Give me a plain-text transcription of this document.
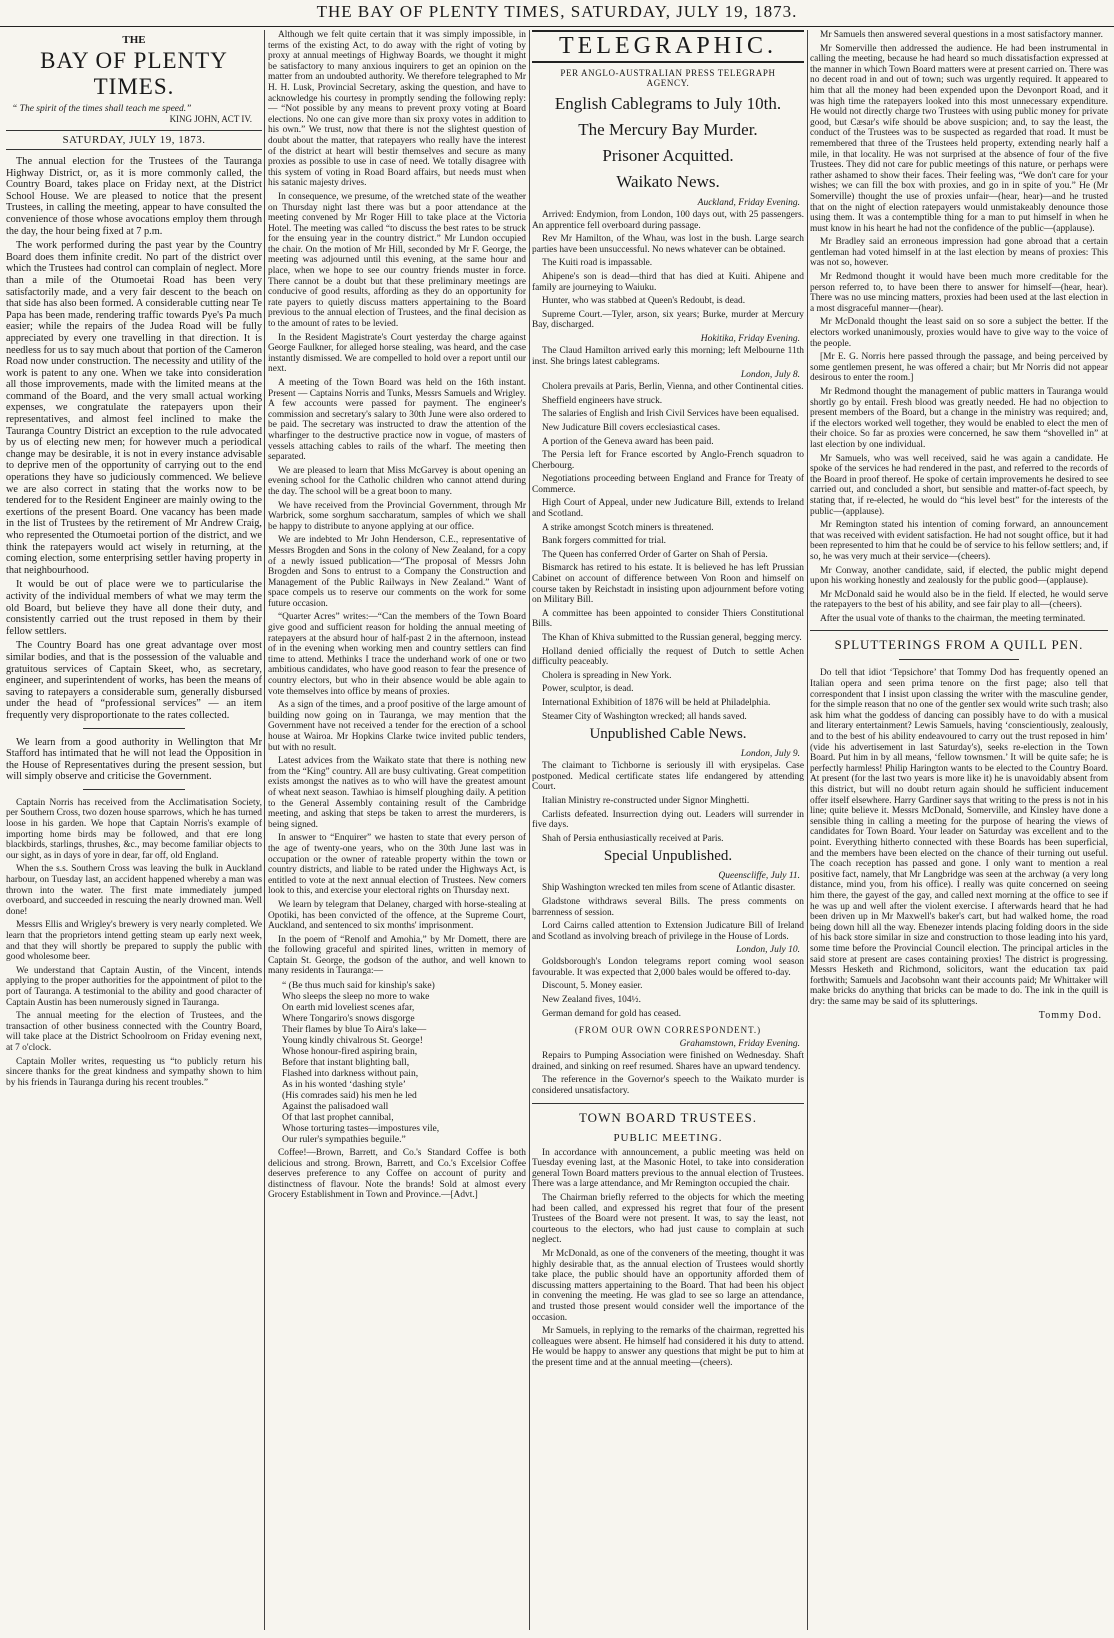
THE BAY OF PLENTY TIMES, SATURDAY, JULY 19, 1873.
THE
BAY OF PLENTY TIMES.
“ The spirit of the times shall teach me speed.”
KING JOHN, ACT IV.
SATURDAY, JULY 19, 1873.

The annual election for the Trustees of the Tauranga Highway District, or, as it is more commonly called, the Country Board, takes place on Friday next, at the District School House. We are pleased to notice that the present Trustees, in calling the meeting, appear to have consulted the convenience of those whose avocations employ them through the day, the hour being fixed at 7 p.m.

The work performed during the past year by the Country Board does them infinite credit. No part of the district over which the Trustees had control can complain of neglect. More than a mile of the Otumoetai Road has been very satisfactorily made, and a very fair descent to the beach on that side has also been formed. A considerable cutting near Te Papa has been made, rendering traffic towards Pye's Pa much easier; while the repairs of the Judea Road will be fully appreciated by every one travelling in that direction. It is needless for us to say much about that portion of the Cameron Road now under construction. The necessity and utility of the work is patent to any one. When we take into consideration all those improvements, made with the limited means at the command of the Board, and the very small actual working expenses, we congratulate the ratepayers upon their representatives, and almost feel inclined to make the Tauranga Country District an exception to the rule advocated by us of electing new men; for however much a periodical change may be desirable, it is not in every instance advisable to deprive men of the opportunity of carrying out to the end operations they have so judiciously commenced. We believe we are also correct in stating that the works now to be tendered for to the Resident Engineer are mainly owing to the exertions of the present Board. One vacancy has been made in the list of Trustees by the retirement of Mr Andrew Craig, who represented the Otumoetai portion of the district, and we think the ratepayers would act wisely in returning, at the coming election, some enterprising settler having property in that neighbourhood.

It would be out of place were we to particularise the activity of the individual members of what we may term the old Board, but believe they have all done their duty, and consistently carried out the trust reposed in them by their fellow settlers.

The Country Board has one great advantage over most similar bodies, and that is the possession of the valuable and gratuitous services of Captain Skeet, who, as secretary, engineer, and superintendent of works, has been the means of saving to ratepayers a considerable sum, generally disbursed under the head of “professional services” — an item frequently very disproportionate to the rates collected.

We learn from a good authority in Wellington that Mr Stafford has intimated that he will not lead the Opposition in the House of Representatives during the present session, but will simply observe and criticise the Government.

Captain Norris has received from the Acclimatisation Society, per Southern Cross, two dozen house sparrows, which he has turned loose in his garden. We hope that Captain Norris's example of importing home birds may be followed, and that ere long blackbirds, starlings, thrushes, &c., may become familiar objects to our sight, as in days of yore in dear, far off, old England.

When the s.s. Southern Cross was leaving the bulk in Auckland harbour, on Tuesday last, an accident happened whereby a man was thrown into the water. The first mate immediately jumped overboard, and succeeded in rescuing the nearly drowned man. Well done!

Messrs Ellis and Wrigley's brewery is very nearly completed. We learn that the proprietors intend getting steam up early next week, and that they will shortly be prepared to supply the public with good wholesome beer.

We understand that Captain Austin, of the Vincent, intends applying to the proper authorities for the appointment of pilot to the port of Tauranga. A testimonial to the ability and good character of Captain Austin has been numerously signed in Tauranga.

The annual meeting for the election of Trustees, and the transaction of other business connected with the Country Board, will take place at the District Schoolroom on Friday evening next, at 7 o'clock.

Captain Moller writes, requesting us “to publicly return his sincere thanks for the great kindness and sympathy shown to him by his friends in Tauranga during his recent troubles.”

Although we felt quite certain that it was simply impossible, in terms of the existing Act, to do away with the right of voting by proxy at annual meetings of Highway Boards, we thought it might be satisfactory to many anxious inquirers to get an opinion on the matter from an undoubted authority. We therefore telegraphed to Mr H. H. Lusk, Provincial Secretary, asking the question, and have to acknowledge his courtesy in promptly sending the following reply:— “Not possible by any means to prevent proxy voting at Board elections. No one can give more than six proxy votes in addition to his own.” We trust, now that there is not the slightest question of doubt about the matter, that ratepayers who really have the interest of the district at heart will bestir themselves and secure as many proxies as possible to use in case of need. We totally disagree with this system of voting in Road Board affairs, but needs must when his satanic majesty drives.

In consequence, we presume, of the wretched state of the weather on Thursday night last there was but a poor attendance at the meeting convened by Mr Roger Hill to take place at the Victoria Hotel. The meeting was called “to discuss the best rates to be struck for the ensuing year in the country district.” Mr Lundon occupied the chair. On the motion of Mr Hill, seconded by Mr F. George, the meeting was adjourned until this evening, at the same hour and place, when we hope to see our country friends muster in force. There cannot be a doubt but that these preliminary meetings are conducive of good results, affording as they do an opportunity for rate payers to quietly discuss matters appertaining to the Board previous to the annual election of Trustees, and the final decision as to the amount of rates to be levied.

In the Resident Magistrate's Court yesterday the charge against George Faulkner, for alleged horse stealing, was heard, and the case instantly dismissed. We are compelled to hold over a report until our next.

A meeting of the Town Board was held on the 16th instant. Present — Captains Norris and Tunks, Messrs Samuels and Wrigley. A few accounts were passed for payment. The engineer's commission and secretary's salary to 30th June were also ordered to be paid. The secretary was instructed to draw the attention of the wharfinger to the destructive practice now in vogue, of masters of vessels attaching cables to rails of the wharf. The meeting then separated.

We are pleased to learn that Miss McGarvey is about opening an evening school for the Catholic children who cannot attend during the day. The school will be a great boon to many.

We have received from the Provincial Government, through Mr Warbrick, some sorghum saccharatum, samples of which we shall be happy to distribute to anyone applying at our office.

We are indebted to Mr John Henderson, C.E., representative of Messrs Brogden and Sons in the colony of New Zealand, for a copy of a newly issued publication—“The proposal of Messrs John Brogden and Sons to entrust to a Company the Construction and Management of the Public Railways in New Zealand.” Want of space compels us to reserve our comments on the work for some future occasion.

“Quarter Acres” writes:—“Can the members of the Town Board give good and sufficient reason for holding the annual meeting of ratepayers at the absurd hour of half-past 2 in the afternoon, instead of in the evening when working men and country settlers can find time to attend. Methinks I trace the underhand work of one or two ambitious candidates, who have good reason to fear the presence of country electors, but who in their absence would be able again to vote themselves into office by means of proxies.

As a sign of the times, and a proof positive of the large amount of building now going on in Tauranga, we may mention that the Government have not received a tender for the erection of a school house at Wairoa. Mr Hopkins Clarke twice invited public tenders, but with no result.

Latest advices from the Waikato state that there is nothing new from the “King” country. All are busy cultivating. Great competition exists amongst the natives as to who will have the greatest amount of wheat next season. Tawhiao is himself ploughing daily. A petition to the General Assembly containing result of the Cambridge meeting, and asking that steps be taken to arrest the murderers, is being signed.

In answer to “Enquirer” we hasten to state that every person of the age of twenty-one years, who on the 30th June last was in occupation or the owner of rateable property within the town or country districts, and liable to be rated under the Highways Act, is entitled to vote at the next annual election of Trustees. New comers look to this, and exercise your electoral rights on Thursday next.

We learn by telegram that Delaney, charged with horse-stealing at Opotiki, has been convicted of the offence, at the Supreme Court, Auckland, and sentenced to six months' imprisonment.

In the poem of “Renolf and Amohia,” by Mr Domett, there are the following graceful and spirited lines, written in memory of Captain St. George, the godson of the author, and well known to many residents in Tauranga:—

“ (Be thus much said for kinship's sake)
Who sleeps the sleep no more to wake
On earth mid loveliest scenes afar,
Where Tongariro's snows disgorge
Their flames by blue To Aira's lake—
Young kindly chivalrous St. George!
Whose honour-fired aspiring brain,
Before that instant blighting ball,
Flashed into darkness without pain,
As in his wonted ‘dashing style’
(His comrades said) his men he led
Against the palisadoed wall
Of that last prophet cannibal,
Whose torturing tastes—impostures vile,
Our ruler's sympathies beguile.”

Coffee!—Brown, Barrett, and Co.'s Standard Coffee is both delicious and strong. Brown, Barrett, and Co.'s Excelsior Coffee deserves preference to any Coffee on account of purity and distinctness of flavour. Note the brands! Sold at almost every Grocery Establishment in Town and Province.—[Advt.]

TELEGRAPHIC.
PER ANGLO-AUSTRALIAN PRESS TELEGRAPH AGENCY.
English Cablegrams to July 10th.
The Mercury Bay Murder.
Prisoner Acquitted.
Waikato News.
Auckland, Friday Evening.

Arrived: Endymion, from London, 100 days out, with 25 passengers. An apprentice fell overboard during passage.

Rev Mr Hamilton, of the Whau, was lost in the bush. Large search parties have been unsuccessful. No news whatever can be obtained.

The Kuiti road is impassable.

Ahipene's son is dead—third that has died at Kuiti. Ahipene and family are journeying to Waiuku.

Hunter, who was stabbed at Queen's Redoubt, is dead.

Supreme Court.—Tyler, arson, six years; Burke, murder at Mercury Bay, discharged.

Hokitika, Friday Evening.

The Claud Hamilton arrived early this morning; left Melbourne 11th inst. She brings latest cablegrams.

London, July 8.

Cholera prevails at Paris, Berlin, Vienna, and other Continental cities.

Sheffield engineers have struck.

The salaries of English and Irish Civil Services have been equalised.

New Judicature Bill covers ecclesiastical cases.

A portion of the Geneva award has been paid.

The Persia left for France escorted by Anglo-French squadron to Cherbourg.

Negotiations proceeding between England and France for Treaty of Commerce.

High Court of Appeal, under new Judicature Bill, extends to Ireland and Scotland.

A strike amongst Scotch miners is threatened.

Bank forgers committed for trial.

The Queen has conferred Order of Garter on Shah of Persia.

Bismarck has retired to his estate. It is believed he has left Prussian Cabinet on account of difference between Von Roon and himself on course taken by Reichstadt in insisting upon adjournment before voting on Military Bill.

A committee has been appointed to consider Thiers Constitutional Bills.

The Khan of Khiva submitted to the Russian general, begging mercy.

Holland denied officially the request of Dutch to settle Achen difficulty peaceably.

Cholera is spreading in New York.

Power, sculptor, is dead.

International Exhibition of 1876 will be held at Philadelphia.

Steamer City of Washington wrecked; all hands saved.

Unpublished Cable News.
London, July 9.

The claimant to Tichborne is seriously ill with erysipelas. Case postponed. Medical certificate states life endangered by attending Court.

Italian Ministry re-constructed under Signor Minghetti.

Carlists defeated. Insurrection dying out. Leaders will surrender in five days.

Shah of Persia enthusiastically received at Paris.

Special Unpublished.
Queenscliffe, July 11.

Ship Washington wrecked ten miles from scene of Atlantic disaster.

Gladstone withdraws several Bills. The press comments on barrenness of session.

Lord Cairns called attention to Extension Judicature Bill of Ireland and Scotland as involving breach of privilege in the House of Lords.

London, July 10.

Goldsborough's London telegrams report coming wool season favourable. It was expected that 2,000 bales would be offered to-day.

Discount, 5. Money easier.

New Zealand fives, 104½.

German demand for gold has ceased.

(FROM OUR OWN CORRESPONDENT.)
Grahamstown, Friday Evening.

Repairs to Pumping Association were finished on Wednesday. Shaft drained, and sinking on reef resumed. Shares have an upward tendency.

The reference in the Governor's speech to the Waikato murder is considered unsatisfactory.

TOWN BOARD TRUSTEES.
PUBLIC MEETING.

In accordance with announcement, a public meeting was held on Tuesday evening last, at the Masonic Hotel, to take into consideration general Town Board matters previous to the annual election of Trustees. There was a large attendance, and Mr Remington occupied the chair.

The Chairman briefly referred to the objects for which the meeting had been called, and expressed his regret that four of the present Trustees of the Board were not present. It was, to say the least, not courteous to the electors, who had just cause to complain at such neglect.

Mr McDonald, as one of the conveners of the meeting, thought it was highly desirable that, as the annual election of Trustees would shortly take place, the public should have an opportunity afforded them of discussing matters appertaining to the Board. That had been his object in convening the meeting. He was glad to see so large an attendance, and trusted those present would consider well the importance of the occasion.

Mr Samuels, in replying to the remarks of the chairman, regretted his colleagues were absent. He himself had considered it his duty to attend. He would be happy to answer any questions that might be put to him at the present time and at the annual meeting—(cheers).

Mr Samuels then answered several questions in a most satisfactory manner.

Mr Somerville then addressed the audience. He had been instrumental in calling the meeting, because he had heard so much dissatisfaction expressed at the manner in which Town Board matters were at present carried on. There was no decent road in and out of town; such was urgently required. It appeared to him that all the money had been expended upon the Devonport Road, and it was high time the ratepayers looked into this most unnecessary expenditure. He would not directly charge two Trustees with using public money for private good, but Cæsar's wife should be above suspicion; and, to say the least, the conduct of the Trustees was to be suspected as regarded that road. It must be remembered that three of the Trustees held property, extending nearly half a mile, in that locality. He was not surprised at the absence of four of the five Trustees. They did not care for public meetings of this nature, or perhaps were rather ashamed to show their faces. Their feeling was, “We don't care for your wishes; we can fill the box with proxies, and go in in spite of you.” He (Mr Somerville) thought the use of proxies unfair—(hear, hear)—and he trusted that on the night of election ratepayers would unmistakeably denounce those using them. It was a contemptible thing for a man to put himself in when he must know in his heart he had not the confidence of the public—(applause).

Mr Bradley said an erroneous impression had gone abroad that a certain gentleman had voted himself in at the last election by means of proxies: This was not so, however.

Mr Redmond thought it would have been much more creditable for the person referred to, to have been there to answer for himself—(hear, hear). There was no use mincing matters, proxies had been used at the last election in a most disgraceful manner—(hear).

Mr McDonald thought the least said on so sore a subject the better. If the electors worked unanimously, proxies would have to give way to the voice of the people.

[Mr E. G. Norris here passed through the passage, and being perceived by some gentlemen present, he was offered a chair; but Mr Norris did not appear desirous to enter the room.]

Mr Redmond thought the management of public matters in Tauranga would shortly go by entail. Fresh blood was greatly needed. He had no objection to present members of the Board, but a change in the ministry was required; and, if the electors worked well together, they would be enabled to elect the men of their choice. So far as proxies were concerned, he saw them “shovelled in” at last election by one individual.

Mr Samuels, who was well received, said he was again a candidate. He spoke of the services he had rendered in the past, and referred to the records of the Board in proof thereof. He spoke of certain improvements he desired to see carried out, and concluded a short, but sensible and matter-of-fact speech, by stating that, if re-elected, he would do “his level best” for the interests of the public—(applause).

Mr Remington stated his intention of coming forward, an announcement that was received with evident satisfaction. He had not sought office, but it had been represented to him that he could be of service to his fellow settlers; and, if so, he was very much at their service—(cheers).

Mr Conway, another candidate, said, if elected, the public might depend upon his working honestly and zealously for the public good—(applause).

Mr McDonald said he would also be in the field. If elected, he would serve the ratepayers to the best of his ability, and see fair play to all—(cheers).

After the usual vote of thanks to the chairman, the meeting terminated.

SPLUTTERINGS FROM A QUILL PEN.

Do tell that idiot ‘Tepsichore’ that Tommy Dod has frequently opened an Italian opera and seen prima tenore on the first page; also tell that correspondent that I insist upon classing the writer with the masculine gender, for the simple reason that no one of the gentler sex would write such trash; also ask him what the goddess of dancing can possibly have to do with a musical and literary entertainment? Lewis Samuels, having ‘conscientiously, zealously, and to the best of his ability endeavoured to carry out the trust reposed in him’ (vide his advertisement in last Saturday's), seeks re-election in the Town Board. Put him in by all means, ‘fellow townsmen.’ It will be quite safe; he is perfectly harmless! Philip Harington wants to be elected to the Country Board. At present (for the last two years is more like it) he is unavoidably absent from this district, but will no doubt return again should he sufficient inducement offer itself elsewhere. Harry Gardiner says that writing to the press is not in his line; quite believe it. Messrs McDonald, Somerville, and Kinsley have done a sensible thing in calling a meeting for the purpose of hearing the views of candidates for Town Board. Your leader on Saturday was excellent and to the point. Everything hitherto connected with these Boards has been superficial, and the members have been elected on the chance of their turning out useful. The coach reception has passed and gone. I only want to mention a real positive fact, namely, that Mr Langbridge was seen at the archway (a very long distance, mind you, from his office). I really was quite concerned on seeing him there, the gayest of the gay, and called next morning at the office to see if he was up and well after the violent exercise. I afterwards heard that he had been driven up in Mr Maxwell's baker's cart, but had walked home, the road being down hill all the way. Ebenezer intends placing folding doors in the side of his back store similar in size and construction to those leading into his yard, some time before the Provincial Council election. The principal articles in the said store at present are cases containing proxies! The district is progressing. Messrs Hesketh and Richmond, solicitors, want the education tax paid forthwith; Samuels and Jacobsohn want their accounts paid; Mr Whittaker will make bricks do anything that bricks can be made to do. The ink in the quill is dry: the same may be said of its splutterings.

Tommy Dod.
